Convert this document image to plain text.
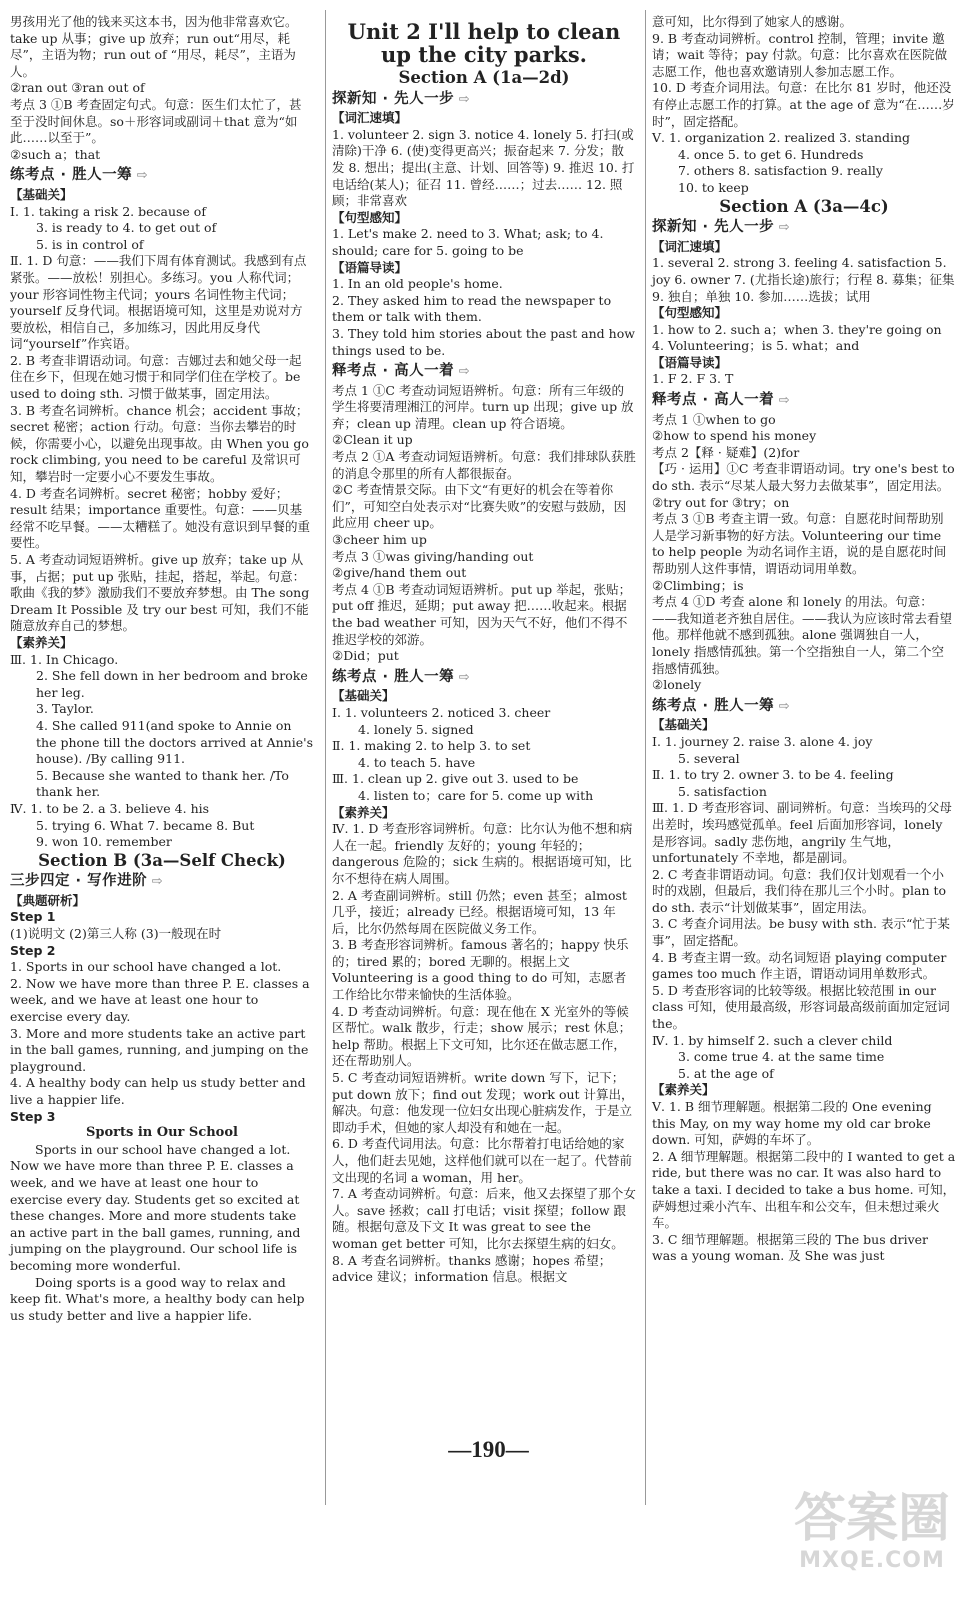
男孩用光了他的钱来买这本书，因为他非常喜欢它。take up 从事；give up 放弃；run out“用尽，耗尽”，主语为物；run out of “用尽，耗尽”，主语为人。
②ran out ③ran out of
考点 3 ①B 考查固定句式。句意：医生们太忙了，甚至于没时间休息。so＋形容词或副词＋that 意为“如此……以至于”。
②such a；that
练考点 · 胜人一筹 ⇨
【基础关】
Ⅰ. 1. taking a risk 2. because of
3. is ready to 4. to get out of
5. is in control of
Ⅱ. 1. D 句意：——我们下周有体育测试。我感到有点紧张。——放松！别担心。多练习。you 人称代词；your 形容词性物主代词；yours 名词性物主代词；yourself 反身代词。根据语境可知，这里是劝说对方要放松，相信自己，多加练习，因此用反身代词“yourself”作宾语。
2. B 考查非谓语动词。句意：吉娜过去和她父母一起住在乡下，但现在她习惯于和同学们住在学校了。be used to doing sth. 习惯于做某事，固定用法。
3. B 考查名词辨析。chance 机会；accident 事故；secret 秘密；action 行动。句意：当你去攀岩的时候，你需要小心，以避免出现事故。由 When you go rock climbing, you need to be careful 及常识可知，攀岩时一定要小心不要发生事故。
4. D 考查名词辨析。secret 秘密；hobby 爱好；result 结果；importance 重要性。句意：——贝基经常不吃早餐。——太糟糕了。她没有意识到早餐的重要性。
5. A 考查动词短语辨析。give up 放弃；take up 从事，占据；put up 张贴，挂起，搭起，举起。句意：歌曲《我的梦》激励我们不要放弃梦想。由 The song Dream It Possible 及 try our best 可知，我们不能随意放弃自己的梦想。
【素养关】
Ⅲ. 1. In Chicago.
2. She fell down in her bedroom and broke her leg.
3. Taylor.
4. She called 911(and spoke to Annie on the phone till the doctors arrived at Annie's house). /By calling 911.
5. Because she wanted to thank her. /To thank her.
Ⅳ. 1. to be 2. a 3. believe 4. his
5. trying 6. What 7. became 8. But
9. won 10. remember
Section B (3a—Self Check)
三步四定 · 写作进阶 ⇨
【典题研析】
Step 1
(1)说明文 (2)第三人称 (3)一般现在时
Step 2
1. Sports in our school have changed a lot.
2. Now we have more than three P. E. classes a week, and we have at least one hour to exercise every day.
3. More and more students take an active part in the ball games, running, and jumping on the playground.
4. A healthy body can help us study better and live a happier life.
Step 3
Sports in Our School
　　Sports in our school have changed a lot. Now we have more than three P. E. classes a week, and we have at least one hour to exercise every day. Students get so excited at these changes. More and more students take an active part in the ball games, running, and jumping on the playground. Our school life is becoming more wonderful.
　　Doing sports is a good way to relax and keep fit. What's more, a healthy body can help us study better and live a happier life.
Unit 2 I'll help to clean up the city parks.
Section A (1a—2d)
探新知 · 先人一步 ⇨
【词汇速填】
1. volunteer 2. sign 3. notice 4. lonely 5. 打扫(或清除)干净 6. (使)变得更高兴；振奋起来 7. 分发；散发 8. 想出；提出(主意、计划、回答等) 9. 推迟 10. 打电话给(某人)；征召 11. 曾经……；过去…… 12. 照顾；非常喜欢
【句型感知】
1. Let's make 2. need to 3. What; ask; to 4. should; care for 5. going to be
【语篇导读】
1. In an old people's home.
2. They asked him to read the newspaper to them or talk with them.
3. They told him stories about the past and how things used to be.
释考点 · 高人一着 ⇨
考点 1 ①C 考查动词短语辨析。句意：所有三年级的学生将要清理湘江的河岸。turn up 出现；give up 放弃；clean up 清理。clean up 符合语境。
②Clean it up
考点 2 ①A 考查动词短语辨析。句意：我们排球队获胜的消息令那里的所有人都很振奋。
②C 考查情景交际。由下文“有更好的机会在等着你们”，可知空白处表示对“比赛失败”的安慰与鼓励，因此应用 cheer up。
③cheer him up
考点 3 ①was giving/handing out
②give/hand them out
考点 4 ①B 考查动词短语辨析。put up 举起，张贴；put off 推迟，延期；put away 把……收起来。根据 the bad weather 可知，因为天气不好，他们不得不推迟学校的郊游。
②Did；put
练考点 · 胜人一筹 ⇨
【基础关】
Ⅰ. 1. volunteers 2. noticed 3. cheer
4. lonely 5. signed
Ⅱ. 1. making 2. to help 3. to set
4. to teach 5. have
Ⅲ. 1. clean up 2. give out 3. used to be
4. listen to；care for 5. come up with
【素养关】
Ⅳ. 1. D 考查形容词辨析。句意：比尔认为他不想和病人在一起。friendly 友好的；young 年轻的；dangerous 危险的；sick 生病的。根据语境可知，比尔不想待在病人周围。
2. A 考查副词辨析。still 仍然；even 甚至；almost 几乎，接近；already 已经。根据语境可知，13 年后，比尔仍然每周在医院做义务工作。
3. B 考查形容词辨析。famous 著名的；happy 快乐的；tired 累的；bored 无聊的。根据上文 Volunteering is a good thing to do 可知，志愿者工作给比尔带来愉快的生活体验。
4. D 考查动词辨析。句意：现在他在 X 光室外的等候区帮忙。walk 散步，行走；show 展示；rest 休息；help 帮助。根据上下文可知，比尔还在做志愿工作，还在帮助别人。
5. C 考查动词短语辨析。write down 写下，记下；put down 放下；find out 发现；work out 计算出，解决。句意：他发现一位妇女出现心脏病发作，于是立即动手术，但她的家人却没有和她在一起。
6. D 考查代词用法。句意：比尔帮着打电话给她的家人，他们赶去见她，这样他们就可以在一起了。代替前文出现的名词 a woman，用 her。
7. A 考查动词辨析。句意：后来，他又去探望了那个女人。save 拯救；call 打电话；visit 探望；follow 跟随。根据句意及下文 It was great to see the woman get better 可知，比尔去探望生病的妇女。
8. A 考查名词辨析。thanks 感谢；hopes 希望；advice 建议；information 信息。根据文
意可知，比尔得到了她家人的感谢。
9. B 考查动词辨析。control 控制，管理；invite 邀请；wait 等待；pay 付款。句意：比尔喜欢在医院做志愿工作，他也喜欢邀请别人参加志愿工作。
10. D 考查介词用法。句意：在比尔 81 岁时，他还没有停止志愿工作的打算。at the age of 意为“在……岁时”，固定搭配。
Ⅴ. 1. organization 2. realized 3. standing
4. once 5. to get 6. Hundreds
7. others 8. satisfaction 9. really
10. to keep
Section A (3a—4c)
探新知 · 先人一步 ⇨
【词汇速填】
1. several 2. strong 3. feeling 4. satisfaction 5. joy 6. owner 7. (尤指长途)旅行；行程 8. 募集；征集 9. 独自；单独 10. 参加……选拔；试用
【句型感知】
1. how to 2. such a；when 3. they're going on 4. Volunteering；is 5. what；and
【语篇导读】
1. F 2. F 3. T
释考点 · 高人一着 ⇨
考点 1 ①when to go
②how to spend his money
考点 2【释 · 疑难】(2)for
【巧 · 运用】①C 考查非谓语动词。try one's best to do sth. 表示“尽某人最大努力去做某事”，固定用法。
②try out for ③try；on
考点 3 ①B 考查主谓一致。句意：自愿花时间帮助别人是学习新事物的好方法。Volunteering our time to help people 为动名词作主语，说的是自愿花时间帮助别人这件事情，谓语动词用单数。
②Climbing；is
考点 4 ①D 考查 alone 和 lonely 的用法。句意：——我知道老齐独自居住。——我认为应该时常去看望他。那样他就不感到孤独。alone 强调独自一人，lonely 指感情孤独。第一个空指独自一人，第二个空指感情孤独。
②lonely
练考点 · 胜人一筹 ⇨
【基础关】
Ⅰ. 1. journey 2. raise 3. alone 4. joy
5. several
Ⅱ. 1. to try 2. owner 3. to be 4. feeling
5. satisfaction
Ⅲ. 1. D 考查形容词、副词辨析。句意：当埃玛的父母出差时，埃玛感觉孤单。feel 后面加形容词，lonely 是形容词。sadly 悲伤地，angrily 生气地，unfortunately 不幸地，都是副词。
2. C 考查非谓语动词。句意：我们仅计划观看一个小时的戏剧，但最后，我们待在那儿三个小时。plan to do sth. 表示“计划做某事”，固定用法。
3. C 考查介词用法。be busy with sth. 表示“忙于某事”，固定搭配。
4. B 考查主谓一致。动名词短语 playing computer games too much 作主语，谓语动词用单数形式。
5. D 考查形容词的比较等级。根据比较范围 in our class 可知，使用最高级，形容词最高级前面加定冠词 the。
Ⅳ. 1. by himself 2. such a clever child
3. come true 4. at the same time
5. at the age of
【素养关】
Ⅴ. 1. B 细节理解题。根据第二段的 One evening this May, on my way home my old car broke down. 可知，萨姆的车坏了。
2. A 细节理解题。根据第二段中的 I wanted to get a ride, but there was no car. It was also hard to take a taxi. I decided to take a bus home. 可知，萨姆想过乘小汽车、出租车和公交车，但未想过乘火车。
3. C 细节理解题。根据第三段的 The bus driver was a young woman. 及 She was just
—190—
答案圈
MXQE.COM
